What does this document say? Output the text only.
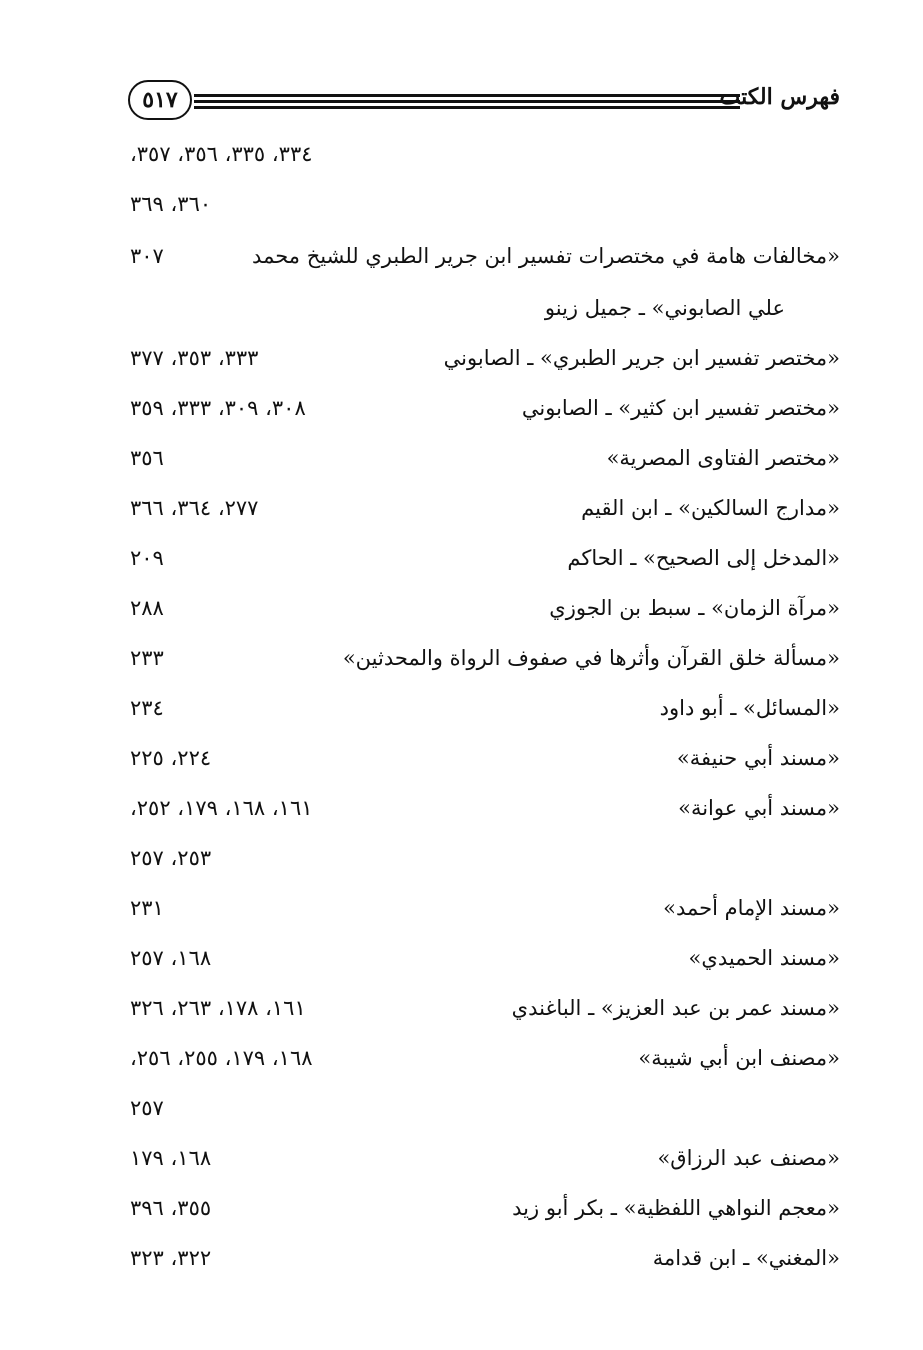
٥١٧	فهرس الكتب
٣٣٤، ٣٣٥، ٣٥٦، ٣٥٧،
٣٦٠، ٣٦٩
«مخالفات هامة في مختصرات تفسير ابن جرير الطبري للشيخ محمد
٣٠٧
علي الصابوني» ـ جميل زينو
«مختصر تفسير ابن جرير الطبري» ـ الصابوني
٣٣٣، ٣٥٣، ٣٧٧
«مختصر تفسير ابن كثير» ـ الصابوني
٣٠٨، ٣٠٩، ٣٣٣، ٣٥٩
«مختصر الفتاوى المصرية»
٣٥٦
«مدارج السالكين» ـ ابن القيم
٢٧٧، ٣٦٤، ٣٦٦
«المدخل إلى الصحيح» ـ الحاكم
٢٠٩
«مرآة الزمان» ـ سبط بن الجوزي
٢٨٨
«مسألة خلق القرآن وأثرها في صفوف الرواة والمحدثين»
٢٣٣
«المسائل» ـ أبو داود
٢٣٤
«مسند أبي حنيفة»
٢٢٤، ٢٢٥
«مسند أبي عوانة»
١٦١، ١٦٨، ١٧٩، ٢٥٢،
٢٥٣، ٢٥٧
«مسند الإمام أحمد»
٢٣١
«مسند الحميدي»
١٦٨، ٢٥٧
«مسند عمر بن عبد العزيز» ـ الباغندي
١٦١، ١٧٨، ٢٦٣، ٣٢٦
«مصنف ابن أبي شيبة»
١٦٨، ١٧٩، ٢٥٥، ٢٥٦،
٢٥٧
«مصنف عبد الرزاق»
١٦٨، ١٧٩
«معجم النواهي اللفظية» ـ بكر أبو زيد
٣٥٥، ٣٩٦
«المغني» ـ ابن قدامة
٣٢٢، ٣٢٣
